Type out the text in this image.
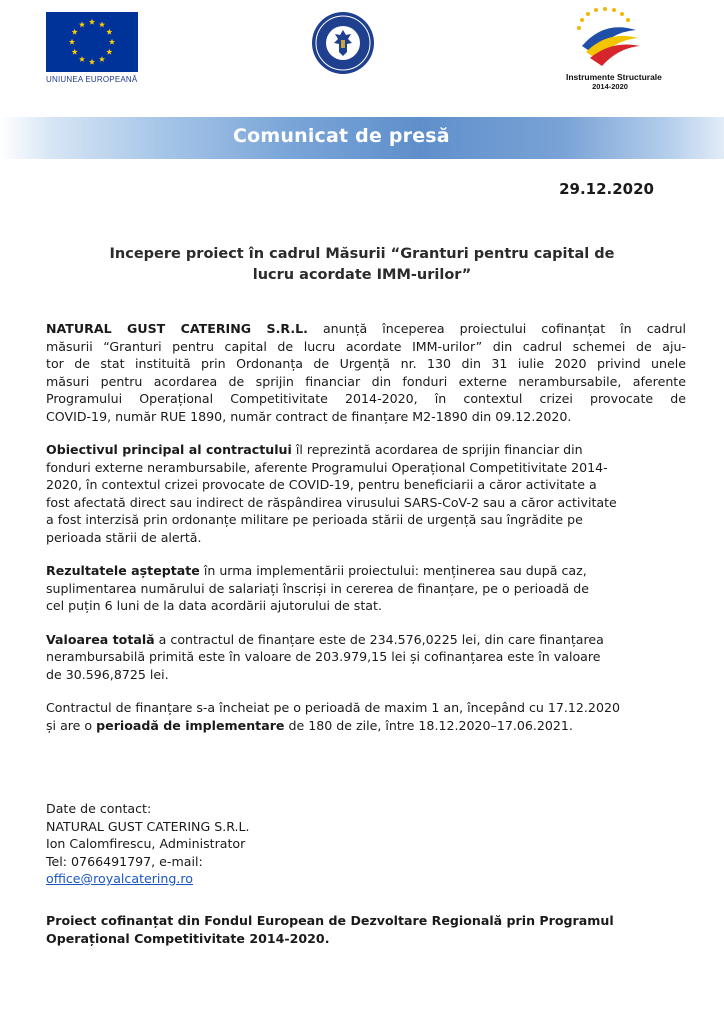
UNIUNEA EUROPEANĂ	Instrumente Structurale
2014-2020
Comunicat de presă
29.12.2020
Incepere proiect în cadrul Măsurii “Granturi pentru capital de
lucru acordate IMM-urilor”
NATURAL GUST CATERING S.R.L. anunță începerea proiectului cofinanțat în cadrul
măsurii “Granturi pentru capital de lucru acordate IMM-urilor” din cadrul schemei de aju-
tor de stat instituită prin Ordonanța de Urgență nr. 130 din 31 iulie 2020 privind unele
măsuri pentru acordarea de sprijin financiar din fonduri externe nerambursabile, aferente
Programului Operațional Competitivitate 2014-2020, în contextul crizei provocate de
COVID-19, număr RUE 1890, număr contract de finanțare M2-1890 din 09.12.2020.
Obiectivul principal al contractului îl reprezintă acordarea de sprijin financiar din
fonduri externe nerambursabile, aferente Programului Operațional Competitivitate 2014-
2020, în contextul crizei provocate de COVID-19, pentru beneficiarii a căror activitate a
fost afectată direct sau indirect de răspândirea virusului SARS-CoV-2 sau a căror activitate
a fost interzisă prin ordonanțe militare pe perioada stării de urgență sau îngrădite pe
perioada stării de alertă.
Rezultatele așteptate în urma implementării proiectului: menținerea sau după caz,
suplimentarea numărului de salariați înscriși in cererea de finanțare, pe o perioadă de
cel puțin 6 luni de la data acordării ajutorului de stat.
Valoarea totală a contractul de finanțare este de 234.576,0225 lei, din care finanțarea
nerambursabilă primită este în valoare de 203.979,15 lei și cofinanțarea este în valoare
de 30.596,8725 lei.
Contractul de finanțare s-a încheiat pe o perioadă de maxim 1 an, începând cu 17.12.2020
și are o perioadă de implementare de 180 de zile, între 18.12.2020–17.06.2021.
Date de contact:
NATURAL GUST CATERING S.R.L.
Ion Calomfirescu, Administrator
Tel: 0766491797, e-mail:
office@royalcatering.ro
Proiect cofinanțat din Fondul European de Dezvoltare Regională prin Programul
Operațional Competitivitate 2014-2020.
